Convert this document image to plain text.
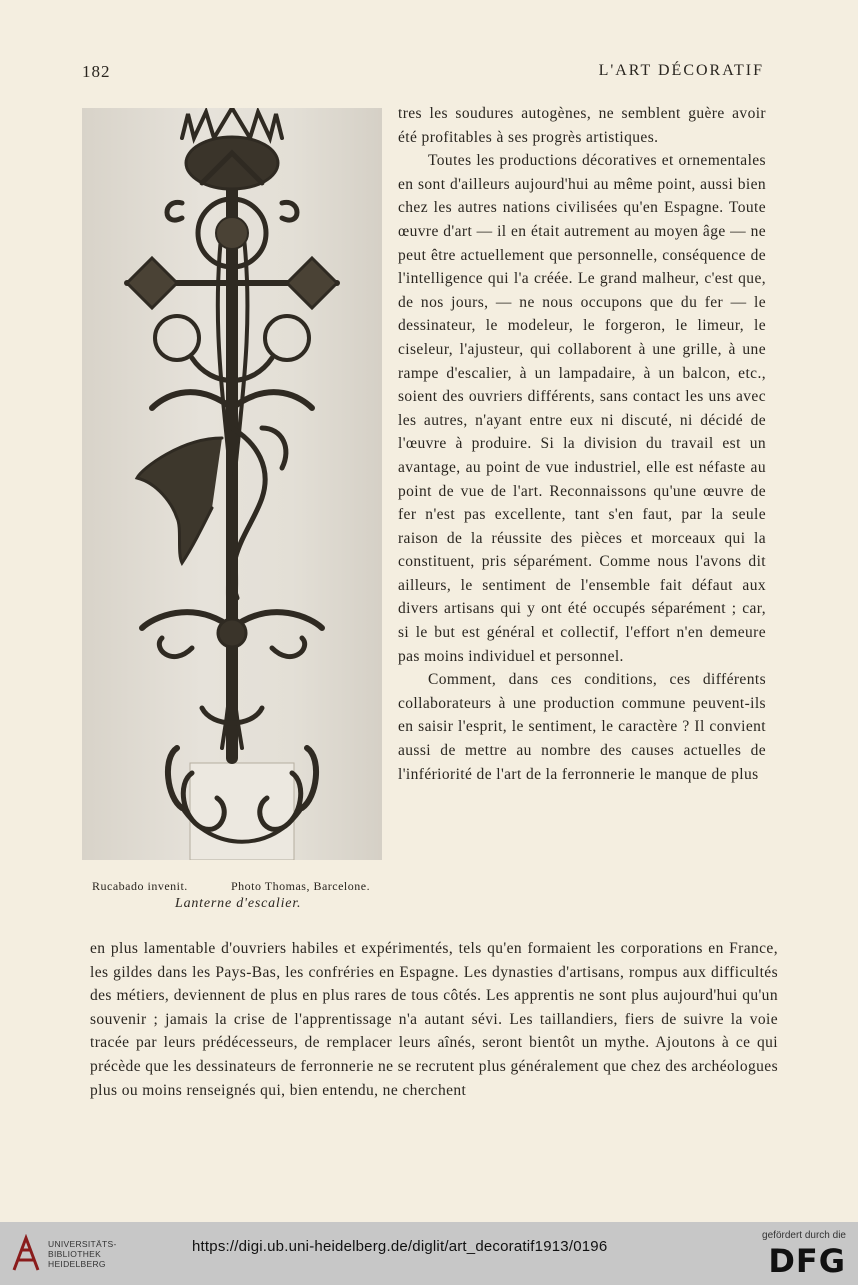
182	L'ART DÉCORATIF
Rucabado invenit.	Photo Thomas, Barcelone.
Lanterne d'escalier.

tres les soudures autogènes, ne semblent guère avoir été profitables à ses progrès artistiques.

Toutes les productions décoratives et ornementales en sont d'ailleurs aujourd'hui au même point, aussi bien chez les autres nations civilisées qu'en Espagne. Toute œuvre d'art — il en était autrement au moyen âge — ne peut être actuellement que personnelle, conséquence de l'intelligence qui l'a créée. Le grand malheur, c'est que, de nos jours, — ne nous occupons que du fer — le dessinateur, le modeleur, le forgeron, le limeur, le ciseleur, l'ajusteur, qui collaborent à une grille, à une rampe d'escalier, à un lampadaire, à un balcon, etc., soient des ouvriers différents, sans contact les uns avec les autres, n'ayant entre eux ni discuté, ni décidé de l'œuvre à produire. Si la division du travail est un avantage, au point de vue industriel, elle est néfaste au point de vue de l'art. Reconnaissons qu'une œuvre de fer n'est pas excellente, tant s'en faut, par la seule raison de la réussite des pièces et morceaux qui la constituent, pris séparément. Comme nous l'avons dit ailleurs, le sentiment de l'ensemble fait défaut aux divers artisans qui y ont été occupés séparément ; car, si le but est général et collectif, l'effort n'en demeure pas moins individuel et personnel.

Comment, dans ces conditions, ces différents collaborateurs à une production commune peuvent-ils en saisir l'esprit, le sentiment, le caractère ? Il convient aussi de mettre au nombre des causes actuelles de l'infériorité de l'art de la ferronnerie le manque de plus

en plus lamentable d'ouvriers habiles et expérimentés, tels qu'en formaient les corporations en France, les gildes dans les Pays-Bas, les confréries en Espagne. Les dynasties d'artisans, rompus aux difficultés des métiers, deviennent de plus en plus rares de tous côtés. Les apprentis ne sont plus aujourd'hui qu'un souvenir ; jamais la crise de l'apprentissage n'a autant sévi. Les taillandiers, fiers de suivre la voie tracée par leurs prédécesseurs, de remplacer leurs aînés, seront bientôt un mythe. Ajoutons à ce qui précède que les dessinateurs de ferronnerie ne se recrutent plus généralement que chez des archéologues plus ou moins renseignés qui, bien entendu, ne cherchent

UNIVERSITÄTS-
BIBLIOTHEK
HEIDELBERG
https://digi.ub.uni-heidelberg.de/diglit/art_decoratif1913/0196
gefördert durch die
DFG
